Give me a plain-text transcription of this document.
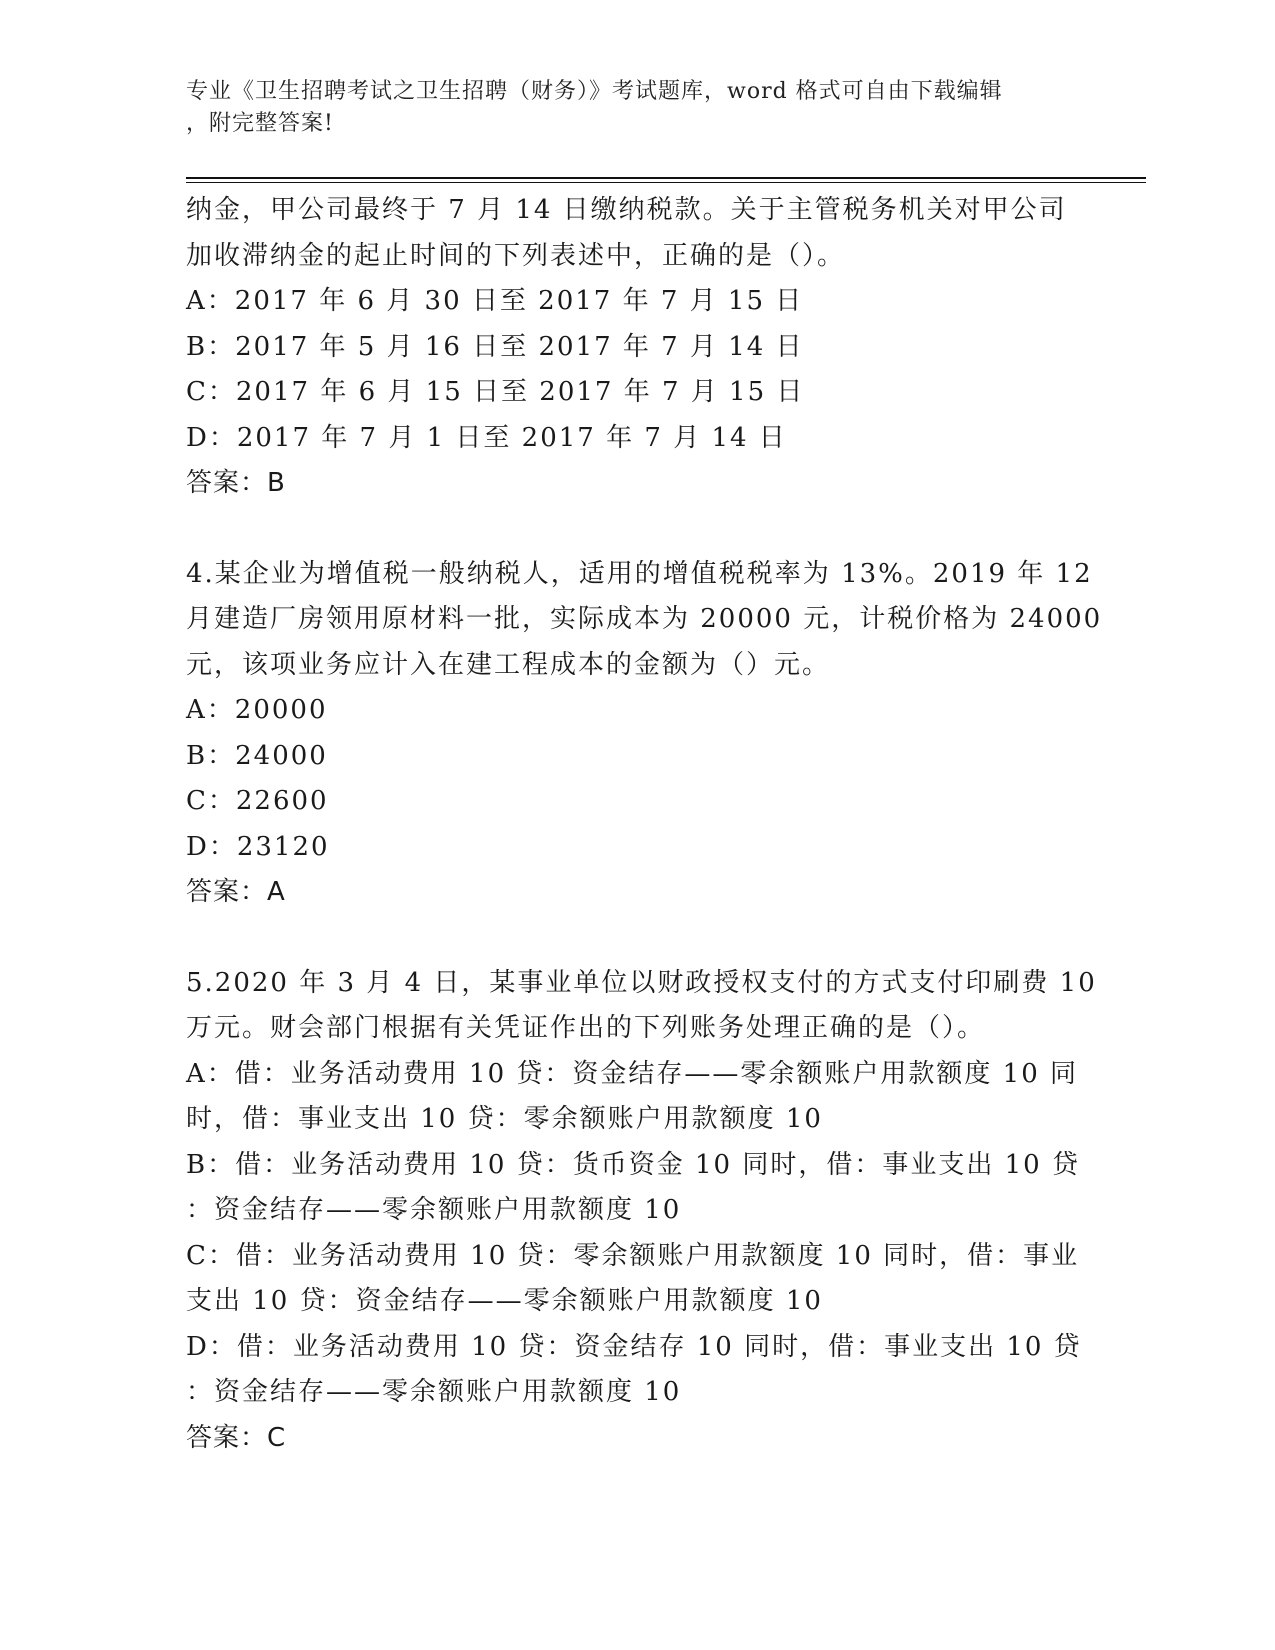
专业《卫生招聘考试之卫生招聘（财务）》考试题库，word 格式可自由下载编辑
，附完整答案!

纳金，甲公司最终于 7 月 14 日缴纳税款。关于主管税务机关对甲公司

加收滞纳金的起止时间的下列表述中，正确的是（）。

A：2017 年 6 月 30 日至 2017 年 7 月 15 日

B：2017 年 5 月 16 日至 2017 年 7 月 14 日

C：2017 年 6 月 15 日至 2017 年 7 月 15 日

D：2017 年 7 月 1 日至 2017 年 7 月 14 日

答案：B

4.某企业为增值税一般纳税人，适用的增值税税率为 13%。2019 年 12

月建造厂房领用原材料一批，实际成本为 20000 元，计税价格为 24000

元，该项业务应计入在建工程成本的金额为（）元。

A：20000

B：24000

C：22600

D：23120

答案：A

5.2020 年 3 月 4 日，某事业单位以财政授权支付的方式支付印刷费 10

万元。财会部门根据有关凭证作出的下列账务处理正确的是（）。

A：借：业务活动费用 10 贷：资金结存——零余额账户用款额度 10 同

时，借：事业支出 10 贷：零余额账户用款额度 10

B：借：业务活动费用 10 贷：货币资金 10 同时，借：事业支出 10 贷

：资金结存——零余额账户用款额度 10

C：借：业务活动费用 10 贷：零余额账户用款额度 10 同时，借：事业

支出 10 贷：资金结存——零余额账户用款额度 10

D：借：业务活动费用 10 贷：资金结存 10 同时，借：事业支出 10 贷

：资金结存——零余额账户用款额度 10

答案：C
